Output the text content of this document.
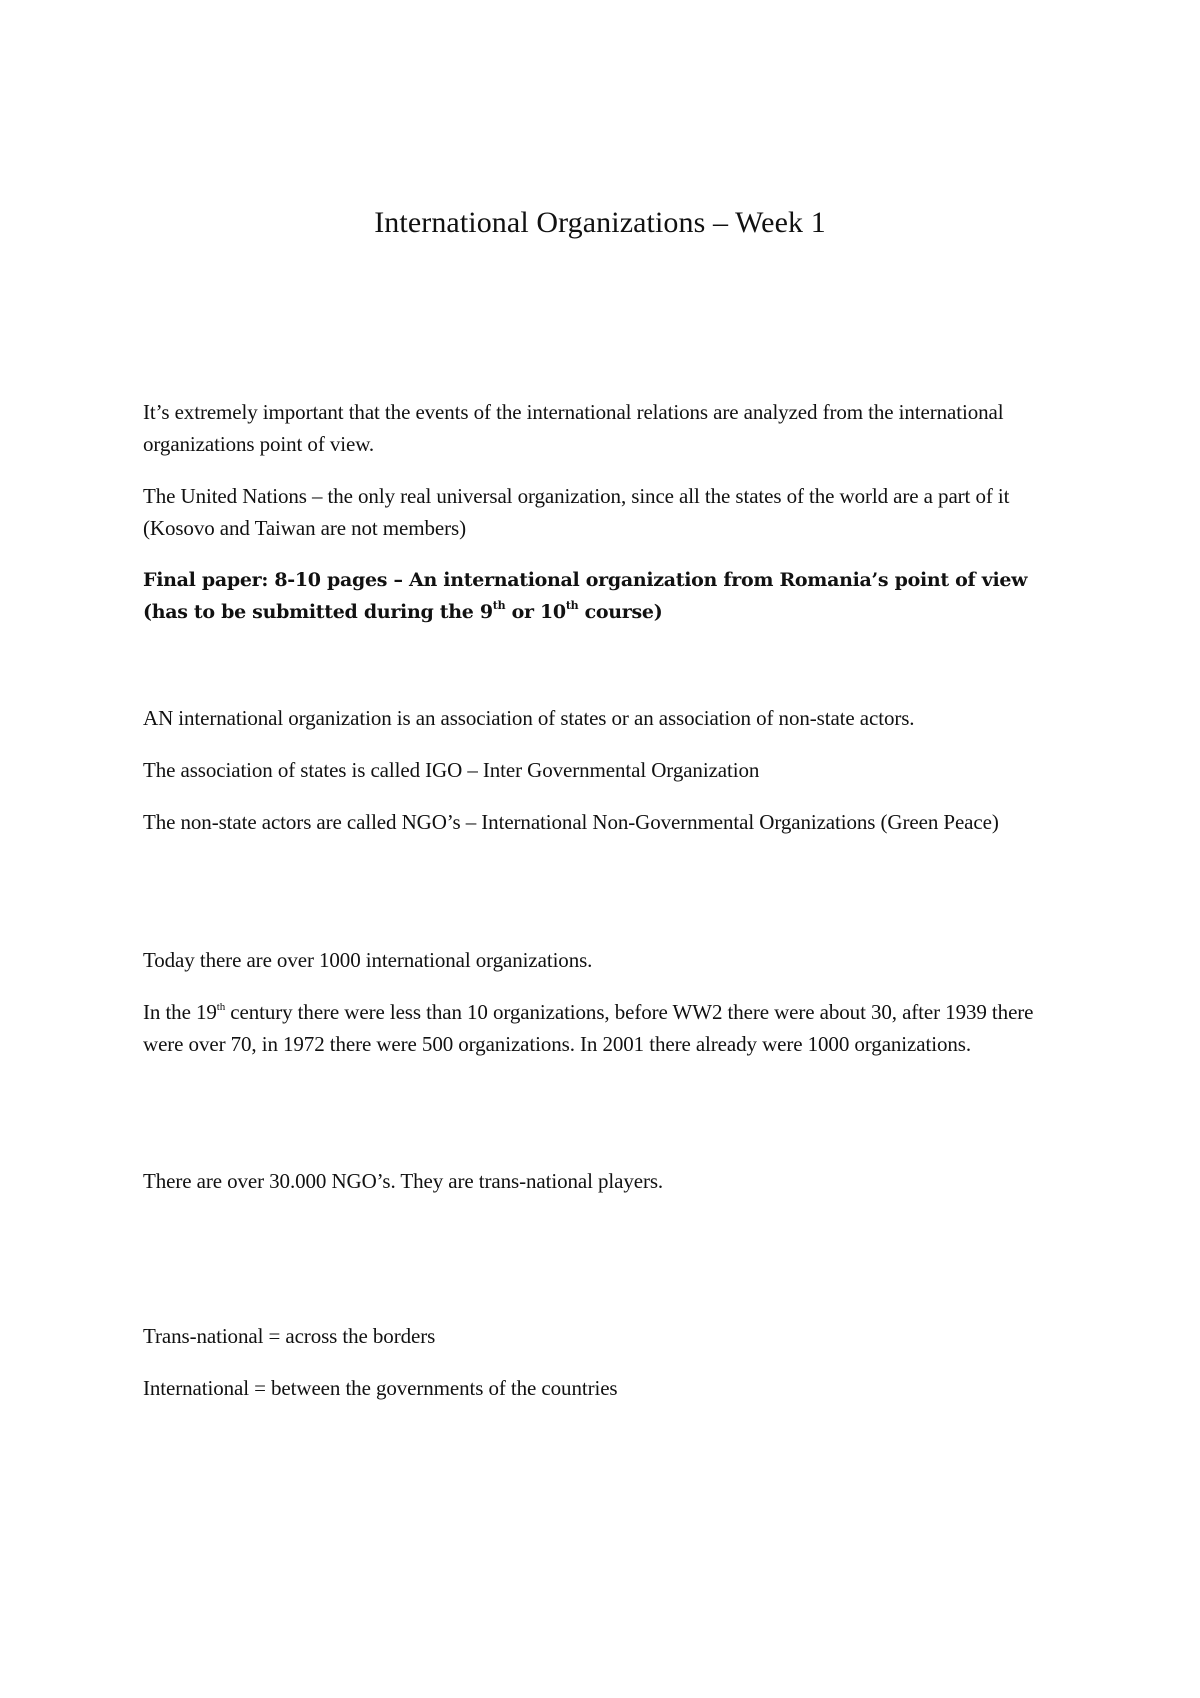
International Organizations – Week 1
It’s extremely important that the events of the international relations are analyzed from the international organizations point of view.
The United Nations – the only real universal organization, since all the states of the world are a part of it (Kosovo and Taiwan are not members)
Final paper: 8-10 pages – An international organization from Romania’s point of view (has to be submitted during the 9th or 10th course)
AN international organization is an association of states or an association of non-state actors.
The association of states is called IGO – Inter Governmental Organization
The non-state actors are called NGO’s – International Non-Governmental Organizations (Green Peace)
Today there are over 1000 international organizations.
In the 19th century there were less than 10 organizations, before WW2 there were about 30, after 1939 there were over 70, in 1972 there were 500 organizations. In 2001 there already were 1000 organizations.
There are over 30.000 NGO’s. They are trans-national players.
Trans-national = across the borders
International = between the governments of the countries
